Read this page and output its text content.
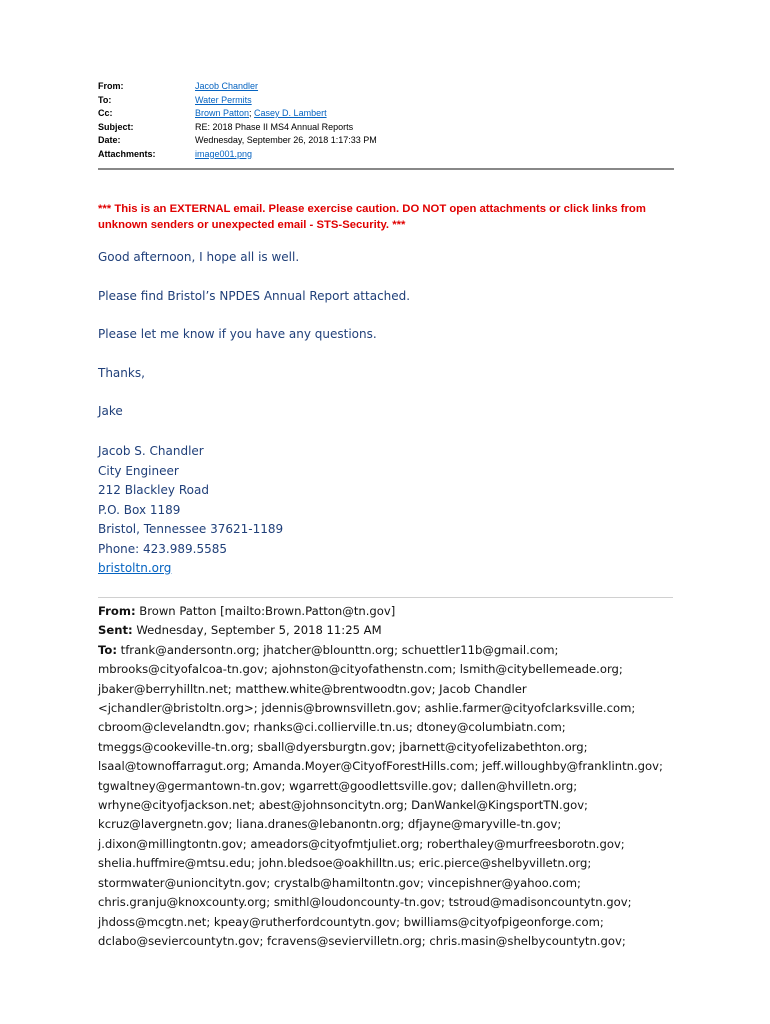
From:	Jacob Chandler
To:	Water Permits
Cc:	Brown Patton; Casey D. Lambert
Subject:	RE: 2018 Phase II MS4 Annual Reports
Date:	Wednesday, September 26, 2018 1:17:33 PM
Attachments:	image001.png
*** This is an EXTERNAL email. Please exercise caution. DO NOT open attachments or click links from unknown senders or unexpected email - STS-Security. ***
Good afternoon, I hope all is well.
Please find Bristol’s NPDES Annual Report attached.
Please let me know if you have any questions.
Thanks,
Jake
Jacob S. Chandler
City Engineer
212 Blackley Road
P.O. Box 1189
Bristol, Tennessee 37621-1189
Phone: 423.989.5585
bristoltn.org
From: Brown Patton [mailto:Brown.Patton@tn.gov]
Sent: Wednesday, September 5, 2018 11:25 AM
To: tfrank@andersontn.org; jhatcher@blounttn.org; schuettler11b@gmail.com;
mbrooks@cityofalcoa-tn.gov; ajohnston@cityofathenstn.com; lsmith@citybellemeade.org;
jbaker@berryhilltn.net; matthew.white@brentwoodtn.gov; Jacob Chandler
<jchandler@bristoltn.org>; jdennis@brownsvilletn.gov; ashlie.farmer@cityofclarksville.com;
cbroom@clevelandtn.gov; rhanks@ci.collierville.tn.us; dtoney@columbiatn.com;
tmeggs@cookeville-tn.org; sball@dyersburgtn.gov; jbarnett@cityofelizabethton.org;
lsaal@townoffarragut.org; Amanda.Moyer@CityofForestHills.com; jeff.willoughby@franklintn.gov;
tgwaltney@germantown-tn.gov; wgarrett@goodlettsville.gov; dallen@hvilletn.org;
wrhyne@cityofjackson.net; abest@johnsoncitytn.org; DanWankel@KingsportTN.gov;
kcruz@lavergnetn.gov; liana.dranes@lebanontn.org; dfjayne@maryville-tn.gov;
j.dixon@millingtontn.gov; ameadors@cityofmtjuliet.org; roberthaley@murfreesborotn.gov;
shelia.huffmire@mtsu.edu; john.bledsoe@oakhilltn.us; eric.pierce@shelbyvilletn.org;
stormwater@unioncitytn.gov; crystalb@hamiltontn.gov; vincepishner@yahoo.com;
chris.granju@knoxcounty.org; smithl@loudoncounty-tn.gov; tstroud@madisoncountytn.gov;
jhdoss@mcgtn.net; kpeay@rutherfordcountytn.gov; bwilliams@cityofpigeonforge.com;
dclabo@seviercountytn.gov; fcravens@seviervilletn.org; chris.masin@shelbycountytn.gov;
